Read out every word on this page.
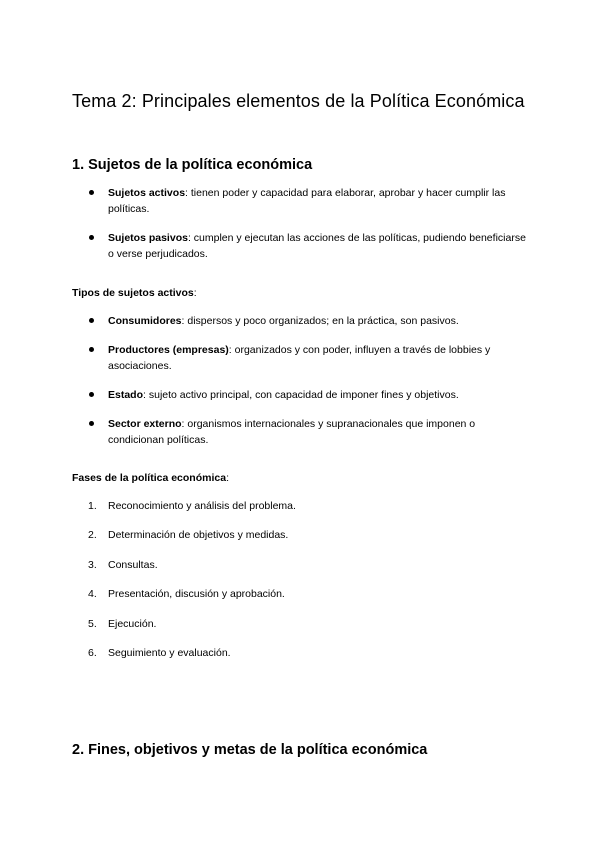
Tema 2: Principales elementos de la Política Económica
1. Sujetos de la política económica
Sujetos activos: tienen poder y capacidad para elaborar, aprobar y hacer cumplir las políticas.
Sujetos pasivos: cumplen y ejecutan las acciones de las políticas, pudiendo beneficiarse o verse perjudicados.

Tipos de sujetos activos:

Consumidores: dispersos y poco organizados; en la práctica, son pasivos.
Productores (empresas): organizados y con poder, influyen a través de lobbies y asociaciones.
Estado: sujeto activo principal, con capacidad de imponer fines y objetivos.
Sector externo: organismos internacionales y supranacionales que imponen o condicionan políticas.

Fases de la política económica:

1. Reconocimiento y análisis del problema.
2. Determinación de objetivos y medidas.
3. Consultas.
4. Presentación, discusión y aprobación.
5. Ejecución.
6. Seguimiento y evaluación.
2. Fines, objetivos y metas de la política económica
